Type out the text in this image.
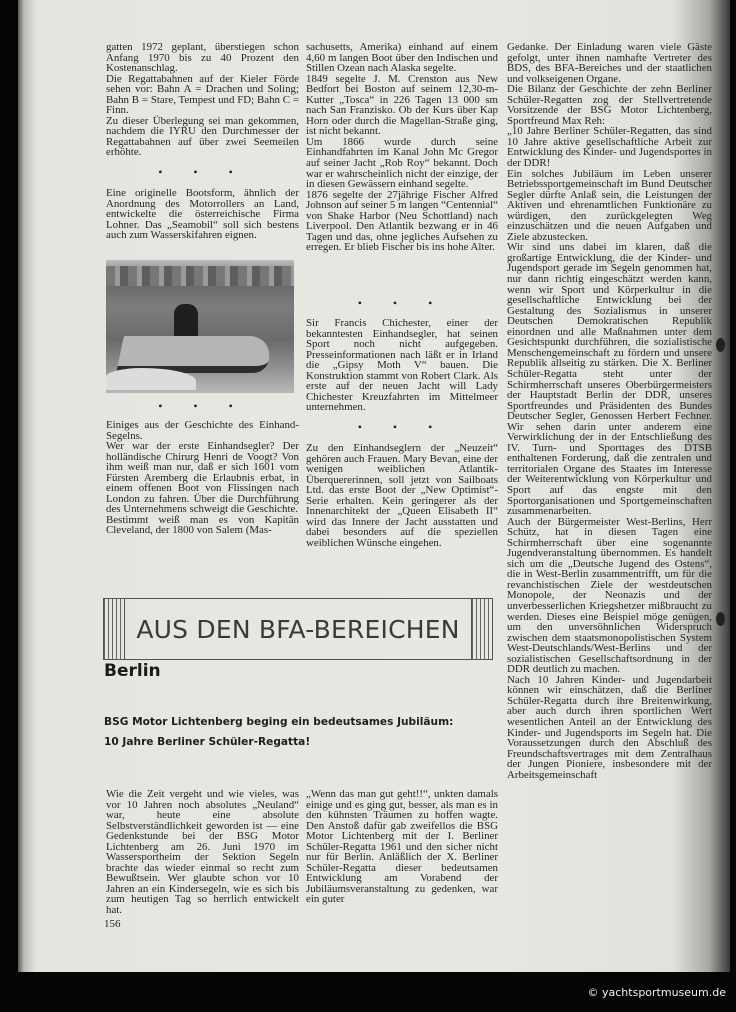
gatten 1972 geplant, überstiegen schon Anfang 1970 bis zu 40 Prozent den Kostenanschlag.

Die Regattabahnen auf der Kieler Förde sehen vor: Bahn A = Drachen und Soling; Bahn B = Stare, Tempest und FD; Bahn C = Finn.

Zu dieser Überlegung sei man gekommen, nachdem die IYRU den Durchmesser der Regattabahnen auf über zwei Seemeilen erhöhte.

• • •

Eine originelle Bootsform, ähnlich der Anordnung des Motorrollers an Land, entwickelte die österreichische Firma Lohner. Das „Seamobil“ soll sich bestens auch zum Wasserskifahren eignen.

• • •

Einiges aus der Geschichte des Einhand-Segelns.

Wer war der erste Einhandsegler? Der holländische Chirurg Henri de Voogt? Von ihm weiß man nur, daß er sich 1601 vom Fürsten Aremberg die Erlaubnis erbat, in einem offenen Boot von Flissingen nach London zu fahren. Über die Durchführung des Unternehmens schweigt die Geschichte.

Bestimmt weiß man es von Kapitän Cleveland, der 1800 von Salem (Mas-

sachusetts, Amerika) einhand auf einem 4,60 m langen Boot über den Indischen und Stillen Ozean nach Alaska segelte.

1849 segelte J. M. Crenston aus New Bedfort bei Boston auf seinem 12,30-m-Kutter „Tosca“ in 226 Tagen 13 000 sm nach San Franzisko. Ob der Kurs über Kap Horn oder durch die Magellan-Straße ging, ist nicht bekannt.

Um 1866 wurde durch seine Einhandfahrten im Kanal John Mc Gregor auf seiner Jacht „Rob Roy“ bekannt. Doch war er wahrscheinlich nicht der einzige, der in diesen Gewässern einhand segelte.

1876 segelte der 27jährige Fischer Alfred Johnson auf seiner 5 m langen “Centennial“ von Shake Harbor (Neu Schottland) nach Liverpool. Den Atlantik bezwang er in 46 Tagen und das, ohne jegliches Aufsehen zu erregen. Er blieb Fischer bis ins hohe Alter.

• • •

Sir Francis Chichester, einer der bekanntesten Einhandsegler, hat seinen Sport noch nicht aufgegeben. Presseinformationen nach läßt er in Irland die „Gipsy Moth V“ bauen. Die Konstruktion stammt von Robert Clark. Als erste auf der neuen Jacht will Lady Chichester Kreuzfahrten im Mittelmeer unternehmen.

• • •

Zu den Einhandseglern der „Neuzeit“ gehören auch Frauen. Mary Bevan, eine der wenigen weiblichen Atlantik-Überquererinnen, soll jetzt von Sailboats Ltd. das erste Boot der „New Optimist“-Serie erhalten. Kein geringerer als der Innenarchitekt der „Queen Elisabeth II“ wird das Innere der Jacht ausstatten und dabei besonders auf die speziellen weiblichen Wünsche eingehen.

Gedanke. Der Einladung waren viele Gäste gefolgt, unter ihnen namhafte Vertreter des BDS, des BFA-Bereiches und der staatlichen und volkseigenen Organe.

Die Bilanz der Geschichte der zehn Berliner Schüler-Regatten zog der Stellvertretende Vorsitzende der BSG Motor Lichtenberg, Sportfreund Max Reh:

„10 Jahre Berliner Schüler-Regatten, das sind 10 Jahre aktive gesellschaftliche Arbeit zur Entwicklung des Kinder- und Jugendsportes in der DDR!

Ein solches Jubiläum im Leben unserer Betriebssportgemeinschaft im Bund Deutscher Segler dürfte Anlaß sein, die Leistungen der Aktiven und ehrenamtlichen Funktionäre zu würdigen, den zurückgelegten Weg einzuschätzen und die neuen Aufgaben und Ziele abzustecken.

Wir sind uns dabei im klaren, daß die großartige Entwicklung, die der Kinder- und Jugendsport gerade im Segeln genommen hat, nur dann richtig eingeschätzt werden kann, wenn wir Sport und Körperkultur in die gesellschaftliche Entwicklung bei der Gestaltung des Sozialismus in unserer Deutschen Demokratischen Republik einordnen und alle Maßnahmen unter dem Gesichtspunkt durchführen, die sozialistische Menschengemeinschaft zu fördern und unsere Republik allseitig zu stärken. Die X. Berliner Schüler-Regatta steht unter der Schirmherrschaft unseres Oberbürgermeisters der Hauptstadt Berlin der DDR, unseres Sportfreundes und Präsidenten des Bundes Deutscher Segler, Genossen Herbert Fechner. Wir sehen darin unter anderem eine Verwirklichung der in der Entschließung des IV. Turn- und Sporttages des DTSB enthaltenen Forderung, daß die zentralen und territorialen Organe des Staates im Interesse der Weiterentwicklung von Körperkultur und Sport auf das engste mit den Sportorganisationen und Sportgemeinschaften zusammenarbeiten.

Auch der Bürgermeister West-Berlins, Herr Schütz, hat in diesen Tagen eine Schirmherrschaft über eine sogenannte Jugendveranstaltung übernommen. Es handelt sich um die „Deutsche Jugend des Ostens“, die in West-Berlin zusammentrifft, um für die revanchistischen Ziele der westdeutschen Monopole, der Neonazis und der unverbesserlichen Kriegshetzer mißbraucht zu werden. Dieses eine Beispiel möge genügen, um den unversöhnlichen Widerspruch zwischen dem staatsmonopolistischen System West-Deutschlands/West-Berlins und der sozialistischen Gesellschaftsordnung in der DDR deutlich zu machen.

Nach 10 Jahren Kinder- und Jugendarbeit können wir einschätzen, daß die Berliner Schüler-Regatta durch ihre Breitenwirkung, aber auch durch ihren sportlichen Wert wesentlichen Anteil an der Entwicklung des Kinder- und Jugendsports im Segeln hat. Die Voraussetzungen durch den Abschluß des Freundschaftsvertrages mit dem Zentralhaus der Jungen Pioniere, insbesondere mit der Arbeitsgemeinschaft

AUS DEN BFA-BEREICHEN
Berlin
BSG Motor Lichtenberg beging ein bedeutsames Jubiläum:
10 Jahre Berliner Schüler-Regatta!

Wie die Zeit vergeht und wie vieles, was vor 10 Jahren noch absolutes „Neuland“ war, heute eine absolute Selbstverständlichkeit geworden ist — eine Gedenkstunde bei der BSG Motor Lichtenberg am 26. Juni 1970 im Wassersportheim der Sektion Segeln brachte das wieder einmal so recht zum Bewußtsein. Wer glaubte schon vor 10 Jahren an ein Kindersegeln, wie es sich bis zum heutigen Tag so herrlich entwickelt hat.

„Wenn das man gut geht!!“, unkten damals einige und es ging gut, besser, als man es in den kühnsten Träumen zu hoffen wagte. Den Anstoß dafür gab zweifellos die BSG Motor Lichtenberg mit der I. Berliner Schüler-Regatta 1961 und den sicher nicht nur für Berlin. Anläßlich der X. Berliner Schüler-Regatta dieser bedeutsamen Entwicklung am Vorabend der Jubiläumsveranstaltung zu gedenken, war ein guter

156
© yachtsportmuseum.de
